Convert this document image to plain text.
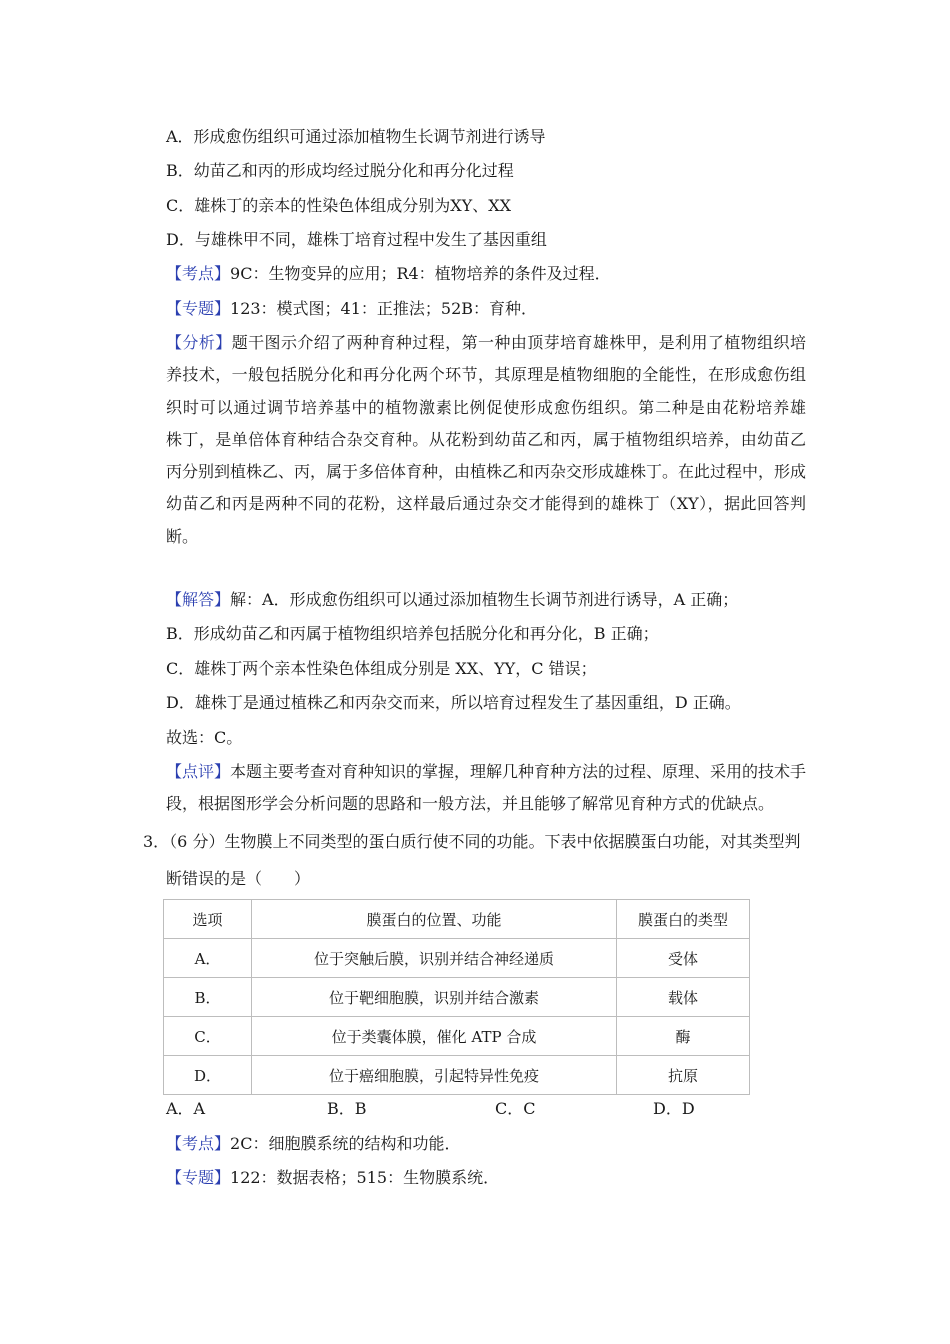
A．形成愈伤组织可通过添加植物生长调节剂进行诱导
B．幼苗乙和丙的形成均经过脱分化和再分化过程
C．雄株丁的亲本的性染色体组成分别为XY、XX
D．与雄株甲不同，雄株丁培育过程中发生了基因重组
【考点】9C：生物变异的应用；R4：植物培养的条件及过程．
【专题】123：模式图；41：正推法；52B：育种．
【分析】题干图示介绍了两种育种过程，第一种由顶芽培育雄株甲，是利用了植物组织培
养技术，一般包括脱分化和再分化两个环节，其原理是植物细胞的全能性，在形成愈伤组
织时可以通过调节培养基中的植物激素比例促使形成愈伤组织。第二种是由花粉培养雄
株丁，是单倍体育种结合杂交育种。从花粉到幼苗乙和丙，属于植物组织培养，由幼苗乙
丙分别到植株乙、丙，属于多倍体育种，由植株乙和丙杂交形成雄株丁。在此过程中，形成
幼苗乙和丙是两种不同的花粉，这样最后通过杂交才能得到的雄株丁（XY），据此回答判
断。
【解答】解：A．形成愈伤组织可以通过添加植物生长调节剂进行诱导，A 正确；
B．形成幼苗乙和丙属于植物组织培养包括脱分化和再分化，B 正确；
C．雄株丁两个亲本性染色体组成分别是 XX、YY，C 错误；
D．雄株丁是通过植株乙和丙杂交而来，所以培育过程发生了基因重组，D 正确。
故选：C。
【点评】本题主要考查对育种知识的掌握，理解几种育种方法的过程、原理、采用的技术手
段，根据图形学会分析问题的思路和一般方法，并且能够了解常见育种方式的优缺点。
3．（6 分）生物膜上不同类型的蛋白质行使不同的功能。下表中依据膜蛋白功能，对其类型判
断错误的是（　　）
选项	膜蛋白的位置、功能	膜蛋白的类型
A．	位于突触后膜，识别并结合神经递质	受体
B．	位于靶细胞膜，识别并结合激素	载体
C．	位于类囊体膜，催化 ATP 合成	酶
D．	位于癌细胞膜，引起特异性免疫	抗原
A．A	B．B	C．C	D．D
【考点】2C：细胞膜系统的结构和功能．
【专题】122：数据表格；515：生物膜系统．
